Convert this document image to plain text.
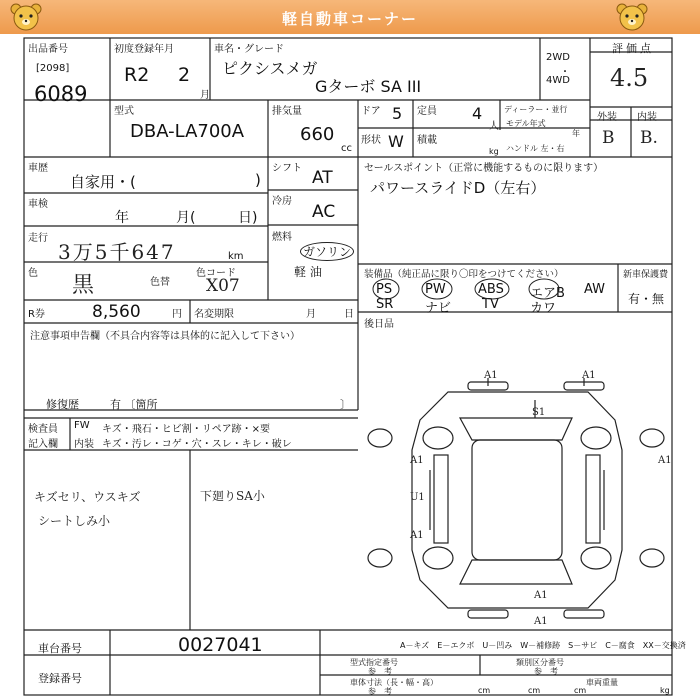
軽自動車コーナー
出品番号
[2098]
6089
初度登録年月
R2 2
月
車名・グレード
ピクシスメガ
Gターボ SA III
2WD
・
4WD
評価点
4.5
外装 内装
B B.
型式
DBA-LA700A
排気量
660
cc
ドア 5
形状 W
定員 4
人
積載
kg
ディーラー・並行
モデル年式
年
ハンドル 左・右
車歴
自家用・(	)
車検
年	月(	日)
走行
3万5千647	km
色 黒	色替
色コード
X07
シフト AT
冷房
AC
燃料
ガソリン
軽 油
R券	8,560	円 名変期限	月	日
セールスポイント（正常に機能するものに限ります）
パワースライドD（左右）
装備品（純正品に限り〇印をつけてください）
PS	PW ABS エアB AW
SR ナビ TV カワ
新車保護費
有・無
後日品
注意事項申告欄（不具合内容等は具体的に記入して下さい）
修復歴	有 〔箇所	〕
検査員
記入欄
FW
内装
キズ・飛石・ヒビ割・リペア跡・×要
キズ・汚レ・コゲ・穴・スレ・キレ・破レ
キズセリ、ウスキズ
シートしみ小
下廻りSA小
A1	A1
S1
A1	A1
U1
A1
A1
A1
車台番号	0027041
登録番号
A－キズ　E－エクボ　U－凹み　W－補修跡　S－サビ　C－腐食　XX－交換済
型式指定番号
参　考
類別区分番号
参　考
車体寸法（長・幅・高）
参　考	cm	cm	cm
車両重量
kg
